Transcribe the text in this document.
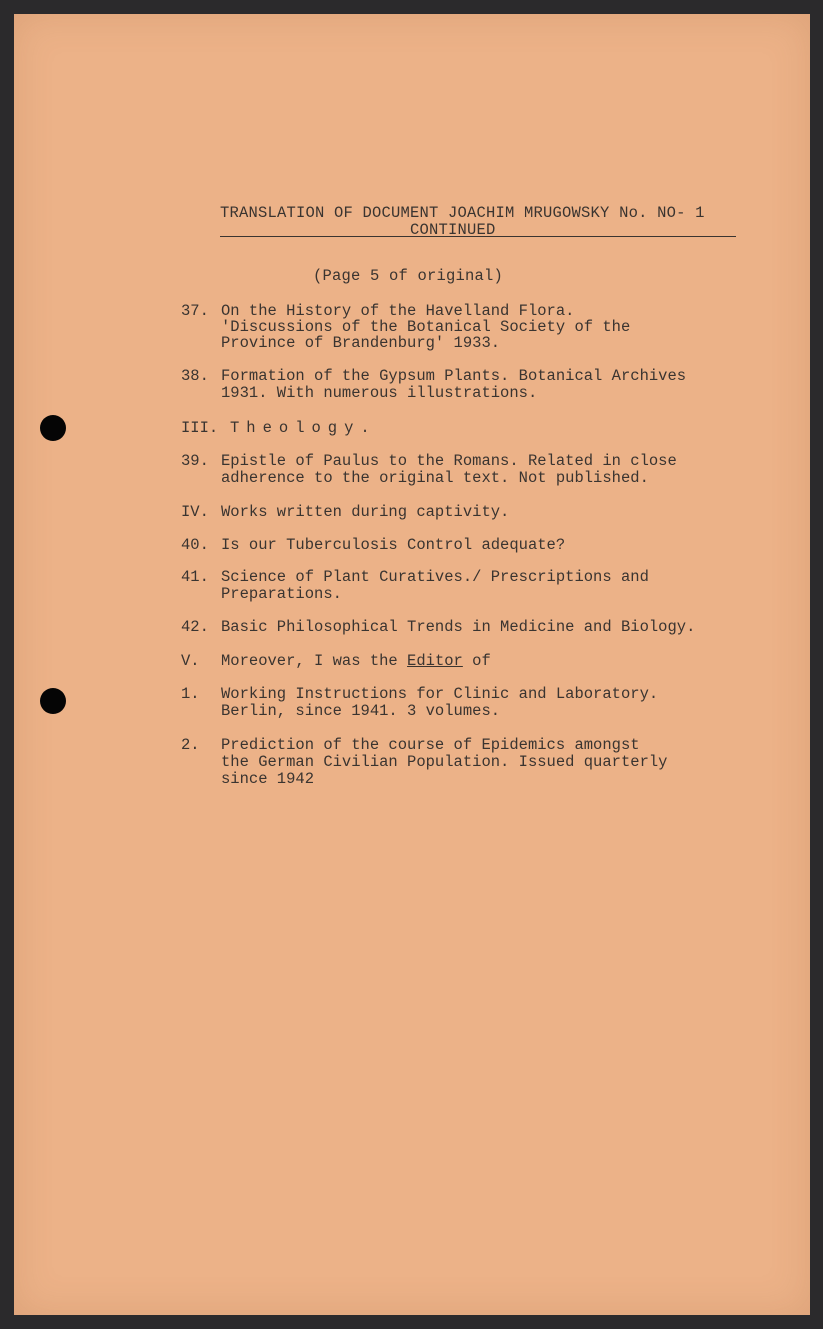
TRANSLATION OF DOCUMENT JOACHIM MRUGOWSKY No. NO- 1

CONTINUED

(Page 5 of original)

37. On the History of the Havelland Flora.
'Discussions of the Botanical Society of the
Province of Brandenburg' 1933.
38. Formation of the Gypsum Plants. Botanical Archives
1931. With numerous illustrations.
III. Theology.
39. Epistle of Paulus to the Romans. Related in close
adherence to the original text. Not published.
IV. Works written during captivity.
40. Is our Tuberculosis Control adequate?
41. Science of Plant Curatives./ Prescriptions and
Preparations.
42. Basic Philosophical Trends in Medicine and Biology.
V. Moreover, I was the Editor of
1. Working Instructions for Clinic and Laboratory.
Berlin, since 1941. 3 volumes.
2. Prediction of the course of Epidemics amongst
the German Civilian Population. Issued quarterly
since 1942
